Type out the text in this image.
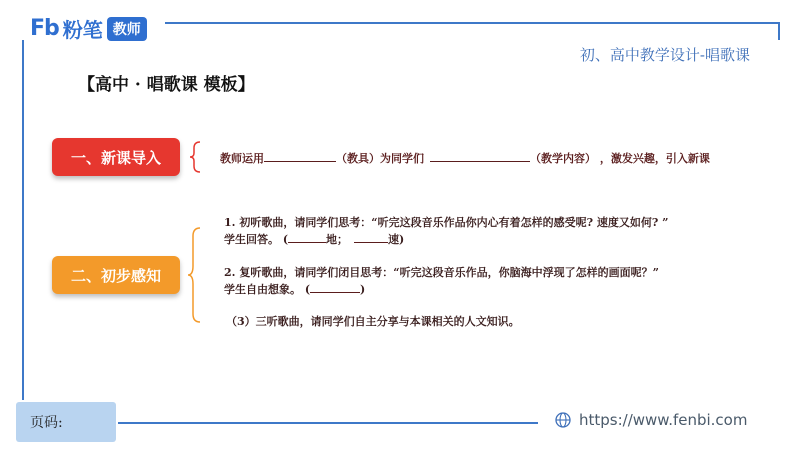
Fb 粉笔 教师
初、高中教学设计-唱歌课
【高中 · 唱歌课 模板】
一、新课导入	教师运用	（教具）为同学们	（教学内容） ，激发兴趣，引入新课
二、初步感知
1. 初听歌曲，请同学们思考：“听完这段音乐作品你内心有着怎样的感受呢? 速度又如何? ”
学生回答。 (	地；	速)
2. 复听歌曲，请同学们闭目思考：“听完这段音乐作品，你脑海中浮现了怎样的画面呢？”
学生自由想象。 (	)
（3）三听歌曲，请同学们自主分享与本课相关的人文知识。
页码:	https://www.fenbi.com
